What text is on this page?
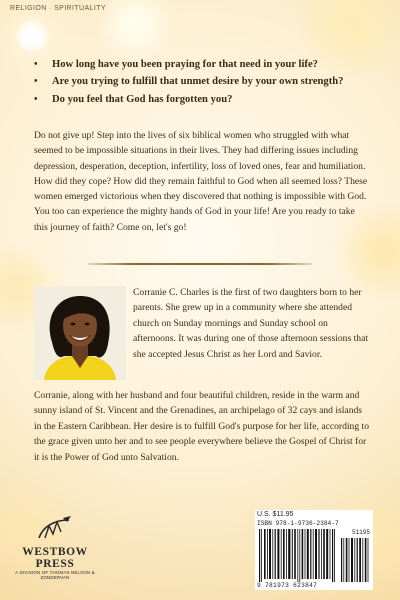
RELIGION · SPIRITUALITY
• How long have you been praying for that need in your life?
• Are you trying to fulfill that unmet desire by your own strength?
• Do you feel that God has forgotten you?

Do not give up! Step into the lives of six biblical women who struggled with what seemed to be impossible situations in their lives. They had differing issues including depression, desperation, deception, infertility, loss of loved ones, fear and humiliation. How did they cope? How did they remain faithful to God when all seemed loss? These women emerged victorious when they discovered that nothing is impossible with God. You too can experience the mighty hands of God in your life! Are you ready to take this journey of faith? Come on, let's go!

Corranie C. Charles is the first of two daughters born to her parents. She grew up in a community where she attended church on Sunday mornings and Sunday school on afternoons. It was during one of those afternoon sessions that she accepted Jesus Christ as her Lord and Savior.

Corranie, along with her husband and four beautiful children, reside in the warm and sunny island of St. Vincent and the Grenadines, an archipelago of 32 cays and islands in the Eastern Caribbean. Her desire is to fulfill God's purpose for her life, according to the grace given unto her and to see people everywhere believe the Gospel of Christ for it is the Power of God unto Salvation.

WESTBOW PRESS
A DIVISION OF THOMAS NELSON & ZONDERVAN
U.S. $11.95
ISBN 978-1-9736-2384-7
51195
9 781973 623847
